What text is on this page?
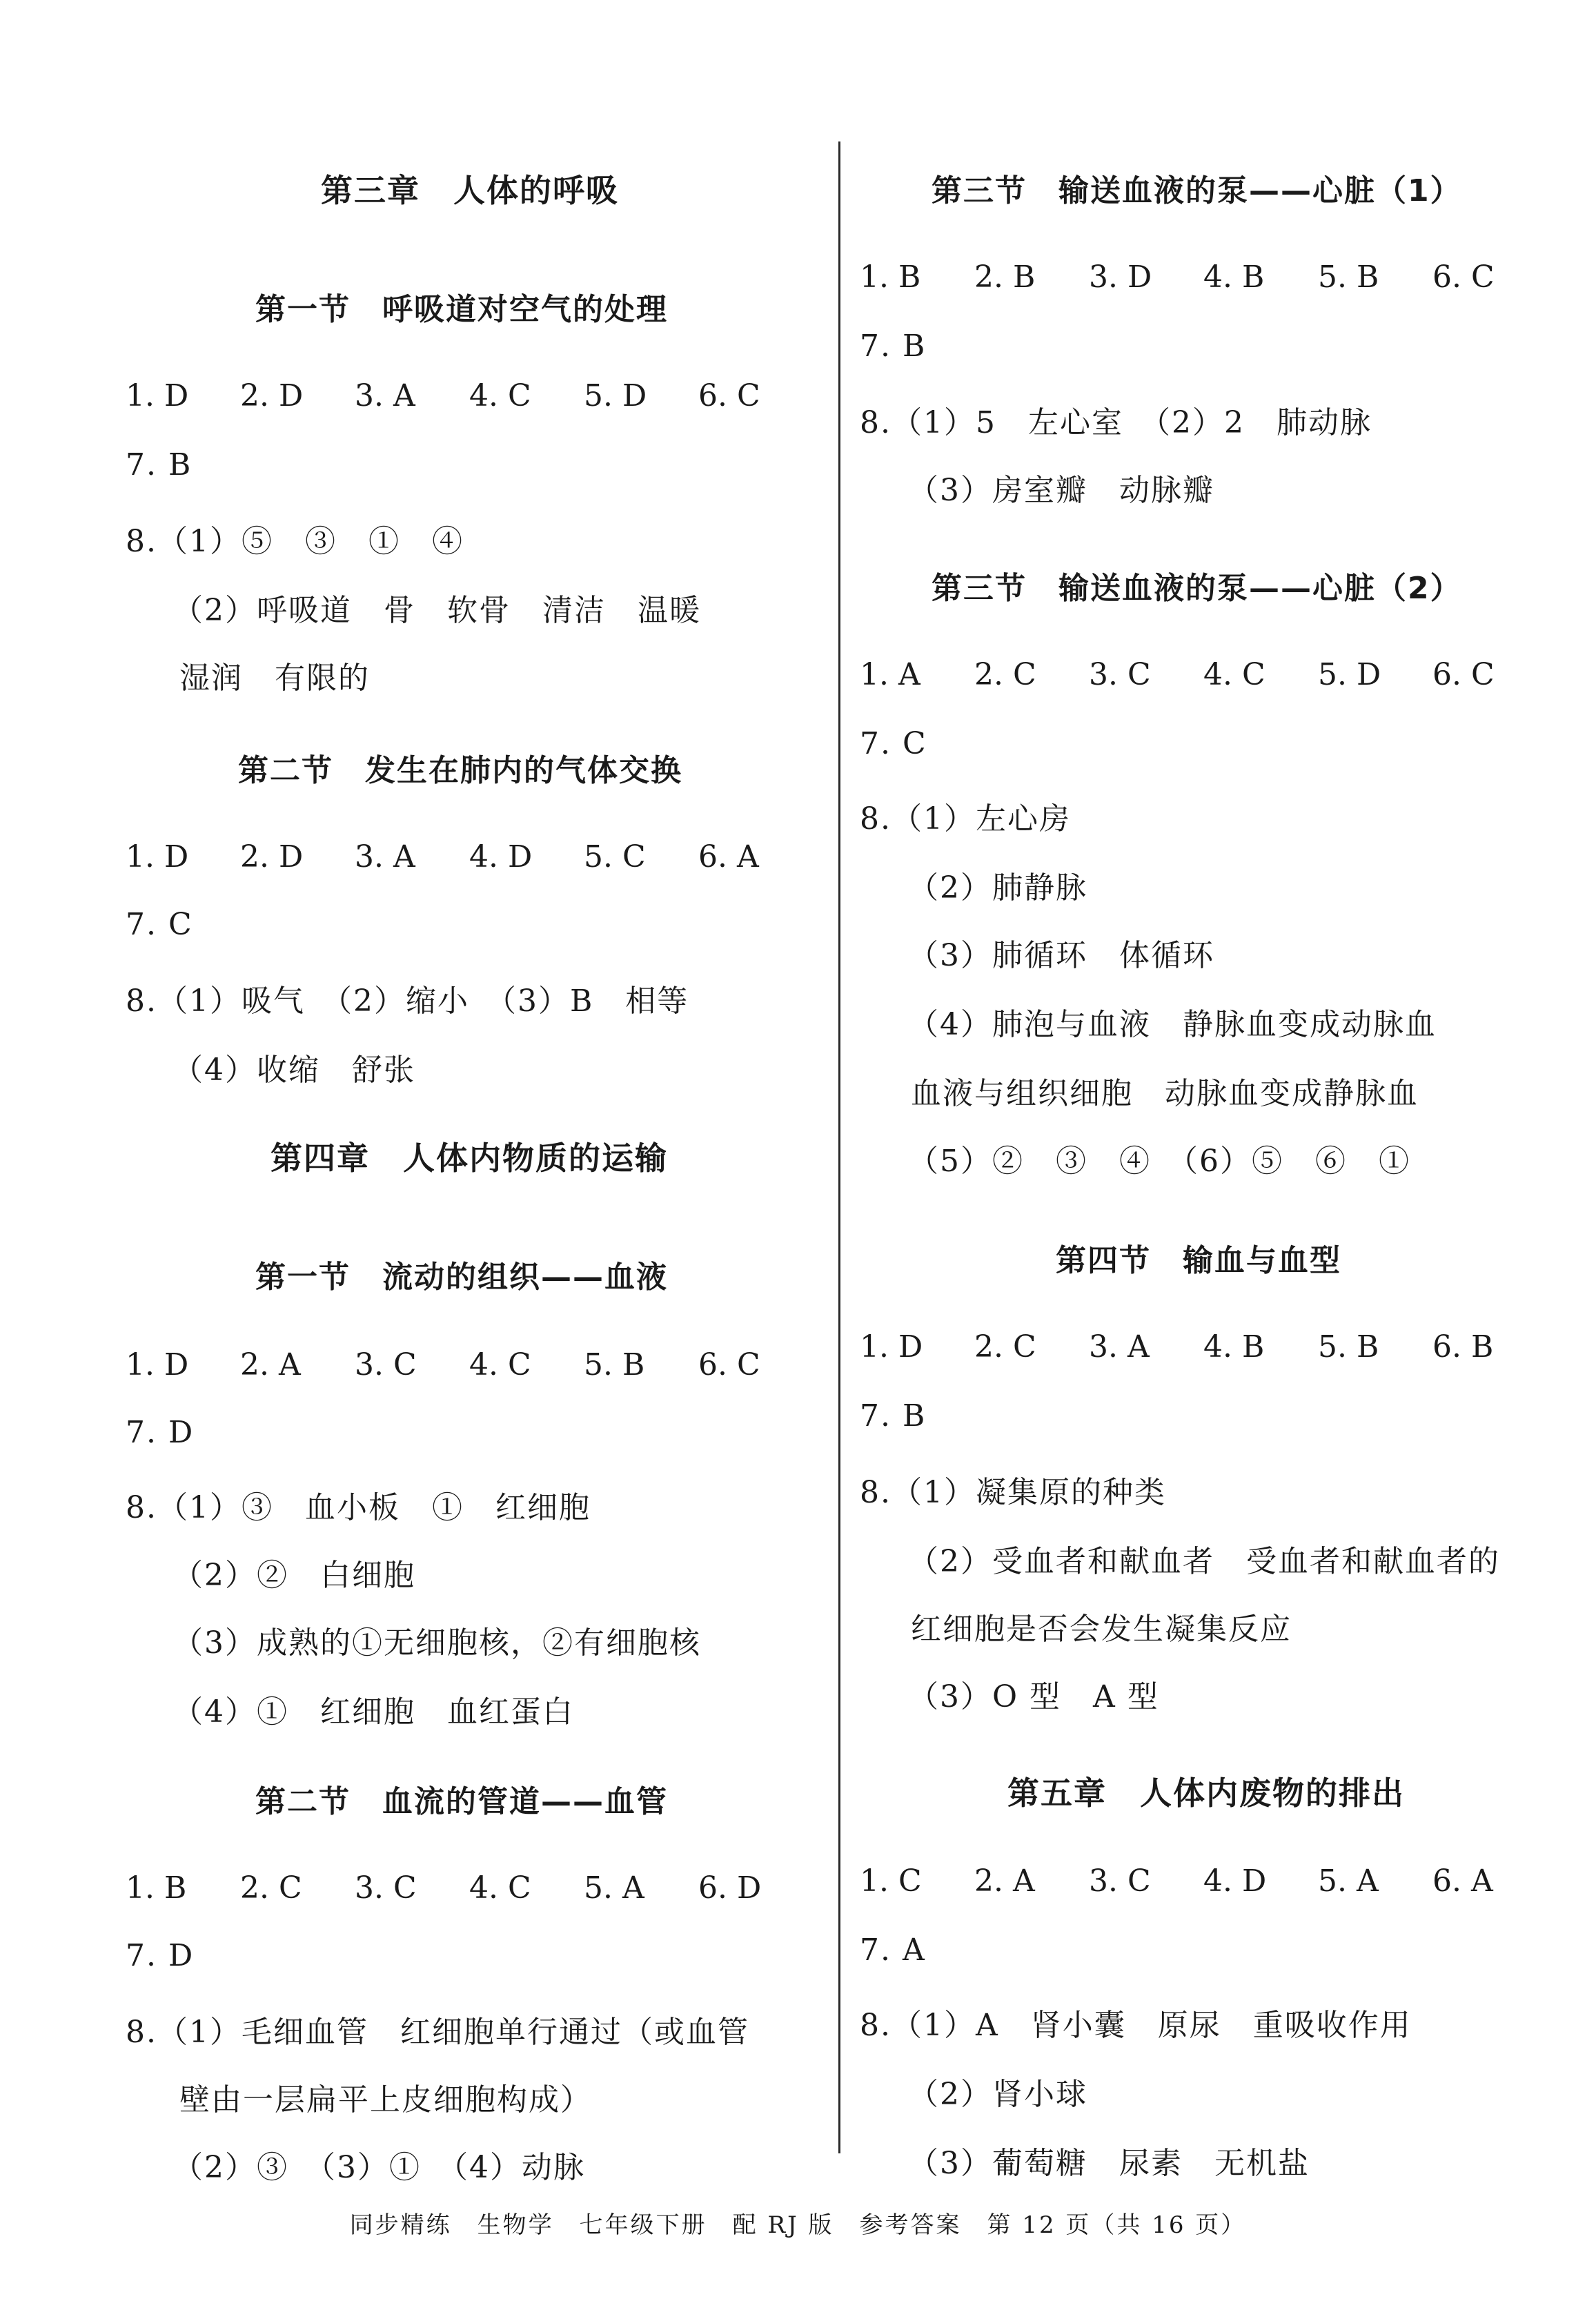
第三章　人体的呼吸
第一节　呼吸道对空气的处理
1. D	2. D	3. A	4. C	5. D	6. C
7. B
8.（1）⑤　③　①　④
（2）呼吸道　骨　软骨　清洁　温暖
湿润　有限的
第二节　发生在肺内的气体交换
1. D	2. D	3. A	4. D	5. C	6. A
7. C
8.（1）吸气　（2）缩小　（3）B　相等
（4）收缩　舒张
第四章　人体内物质的运输
第一节　流动的组织——血液
1. D	2. A	3. C	4. C	5. B	6. C
7. D
8.（1）③　血小板　①　红细胞
（2）②　白细胞
（3）成熟的①无细胞核，②有细胞核
（4）①　红细胞　血红蛋白
第二节　血流的管道——血管
1. B	2. C	3. C	4. C	5. A	6. D
7. D
8.（1）毛细血管　红细胞单行通过（或血管
壁由一层扁平上皮细胞构成）
（2）③　（3）①　（4）动脉
第三节　输送血液的泵——心脏（1）
1. B	2. B	3. D	4. B	5. B	6. C
7. B
8.（1）5　左心室　（2）2　肺动脉
（3）房室瓣　动脉瓣
第三节　输送血液的泵——心脏（2）
1. A	2. C	3. C	4. C	5. D	6. C
7. C
8.（1）左心房
（2）肺静脉
（3）肺循环　体循环
（4）肺泡与血液　静脉血变成动脉血
血液与组织细胞　动脉血变成静脉血
（5）②　③　④　（6）⑤　⑥　①
第四节　输血与血型
1. D	2. C	3. A	4. B	5. B	6. B
7. B
8.（1）凝集原的种类
（2）受血者和献血者　受血者和献血者的
红细胞是否会发生凝集反应
（3）O 型　A 型
第五章　人体内废物的排出
1. C	2. A	3. C	4. D	5. A	6. A
7. A
8.（1）A　肾小囊　原尿　重吸收作用
（2）肾小球
（3）葡萄糖　尿素　无机盐
同步精练　生物学　七年级下册　配 RJ 版　参考答案　第 12 页（共 16 页）
